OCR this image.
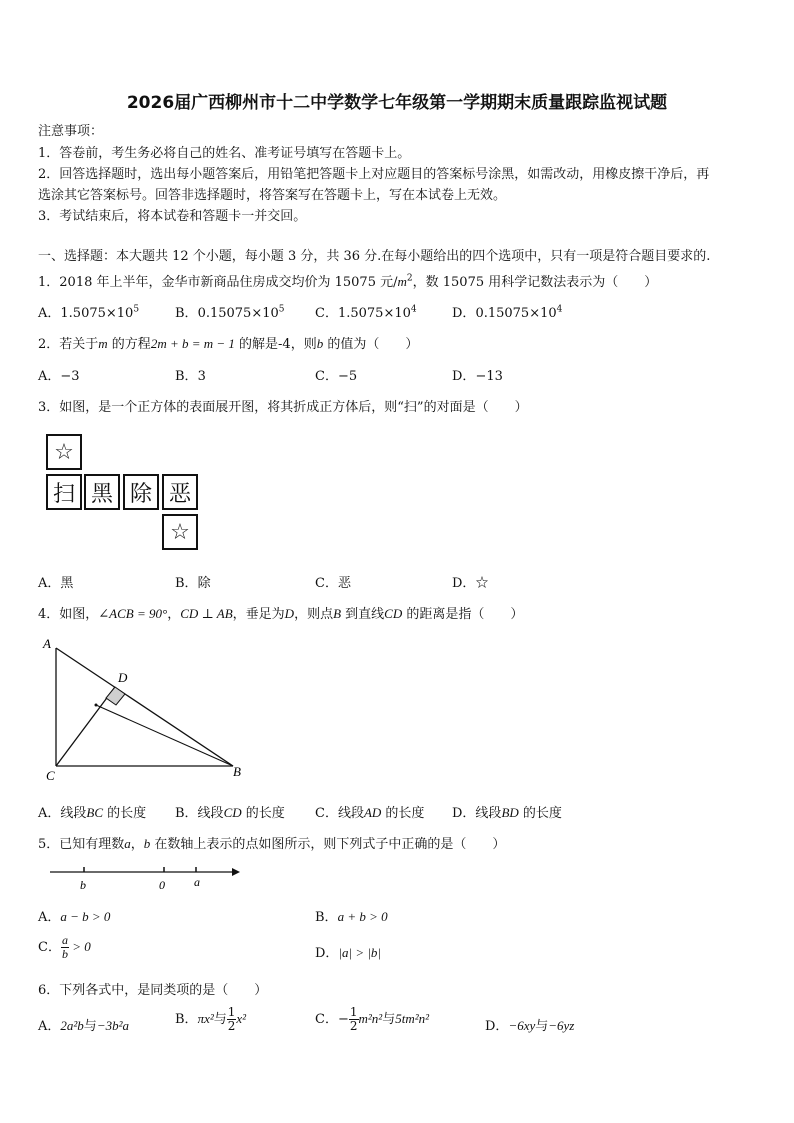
2026届广西柳州市十二中学数学七年级第一学期期末质量跟踪监视试题
注意事项：
1．答卷前，考生务必将自己的姓名、准考证号填写在答题卡上。
2．回答选择题时，选出每小题答案后，用铅笔把答题卡上对应题目的答案标号涂黑，如需改动，用橡皮擦干净后，再
选涂其它答案标号。回答非选择题时，将答案写在答题卡上，写在本试卷上无效。
3．考试结束后，将本试卷和答题卡一并交回。
一、选择题：本大题共 12 个小题，每小题 3 分，共 36 分.在每小题给出的四个选项中，只有一项是符合题目要求的.
1．2018 年上半年，金华市新商品住房成交均价为 15075 元$/m^2$，数 15075 用科学记数法表示为（　　）
A．$1.5075\times 10^5$	B．$0.15075\times 10^5$ C．$1.5075\times 10^4$	D．$0.15075\times 10^4$
2．若关于m 的方程2m + b = m − 1 的解是-4，则b 的值为（　　）
A．−3	B．3	C．−5	D．−13
3．如图，是一个正方体的表面展开图，将其折成正方体后，则“扫”的对面是（　　）
☆
扫 黑 除 恶
☆
A．黑	B．除	C．恶	D．☆
4．如图，∠ACB = 90°，CD ⊥ AB，垂足为D，则点B 到直线CD 的距离是指（　　）
A
D
C	B
A．线段BC 的长度 B．线段CD 的长度 C．线段AD 的长度 D．线段BD 的长度
5．已知有理数a，b 在数轴上表示的点如图所示，则下列式子中正确的是（　　）
b	0 a
A．a − b > 0	B．a + b > 0
C． $\frac{a}{b} > 0$	D．|a| > |b|
6．下列各式中，是同类项的是（　　）
A．2a²b与−3b²a	B．πx²与 $\frac{1}{2} x^2$	C．− $\frac{1}{2} m^2n^2$与5tm²n²
D．−6xy与−6yz
